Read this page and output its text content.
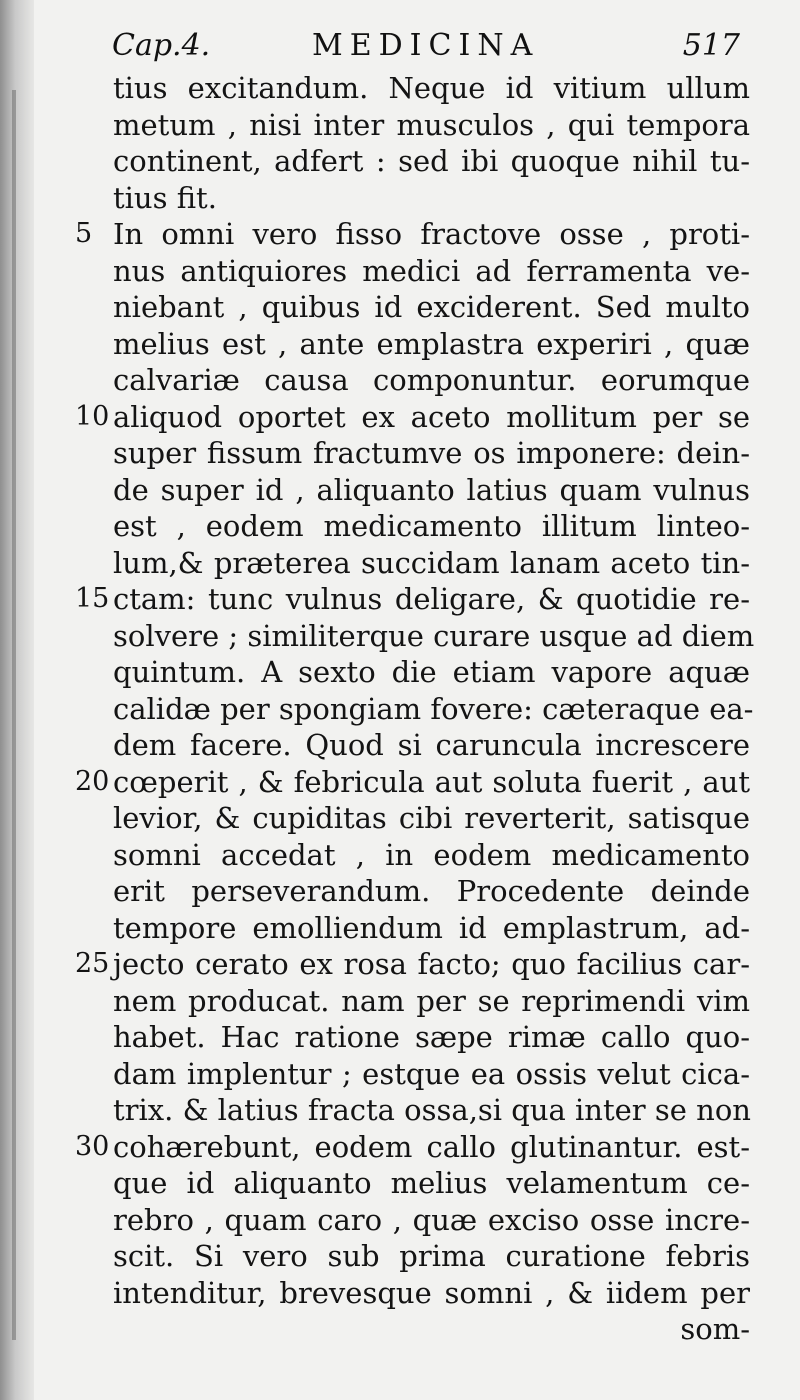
Cap.4.	MEDICINA	517
tius excitandum. Neque id vitium ullum
metum , nisi inter musculos , qui tempora
continent, adfert : sed ibi quoque nihil tu-
tius fit.
5 In omni vero fisso fractove osse , proti-
nus antiquiores medici ad ferramenta ve-
niebant , quibus id exciderent. Sed multo
melius est , ante emplastra experiri , quæ
calvariæ causa componuntur. eorumque
10 aliquod oportet ex aceto mollitum per se
super fissum fractumve os imponere: dein-
de super id , aliquanto latius quam vulnus
est , eodem medicamento illitum linteo-
lum,& præterea succidam lanam aceto tin-
15 ctam: tunc vulnus deligare, & quotidie re-
solvere ; similiterque curare usque ad diem
quintum. A sexto die etiam vapore aquæ
calidæ per spongiam fovere: cæteraque ea-
dem facere. Quod si caruncula increscere
20 cœperit , & febricula aut soluta fuerit , aut
levior, & cupiditas cibi reverterit, satisque
somni accedat , in eodem medicamento
erit perseverandum. Procedente deinde
tempore emolliendum id emplastrum, ad-
25 jecto cerato ex rosa facto; quo facilius car-
nem producat. nam per se reprimendi vim
habet. Hac ratione sæpe rimæ callo quo-
dam implentur ; estque ea ossis velut cica-
trix. & latius fracta ossa,si qua inter se non
30 cohærebunt, eodem callo glutinantur. est-
que id aliquanto melius velamentum ce-
rebro , quam caro , quæ exciso osse incre-
scit. Si vero sub prima curatione febris
intenditur, brevesque somni , & iidem per
som-
